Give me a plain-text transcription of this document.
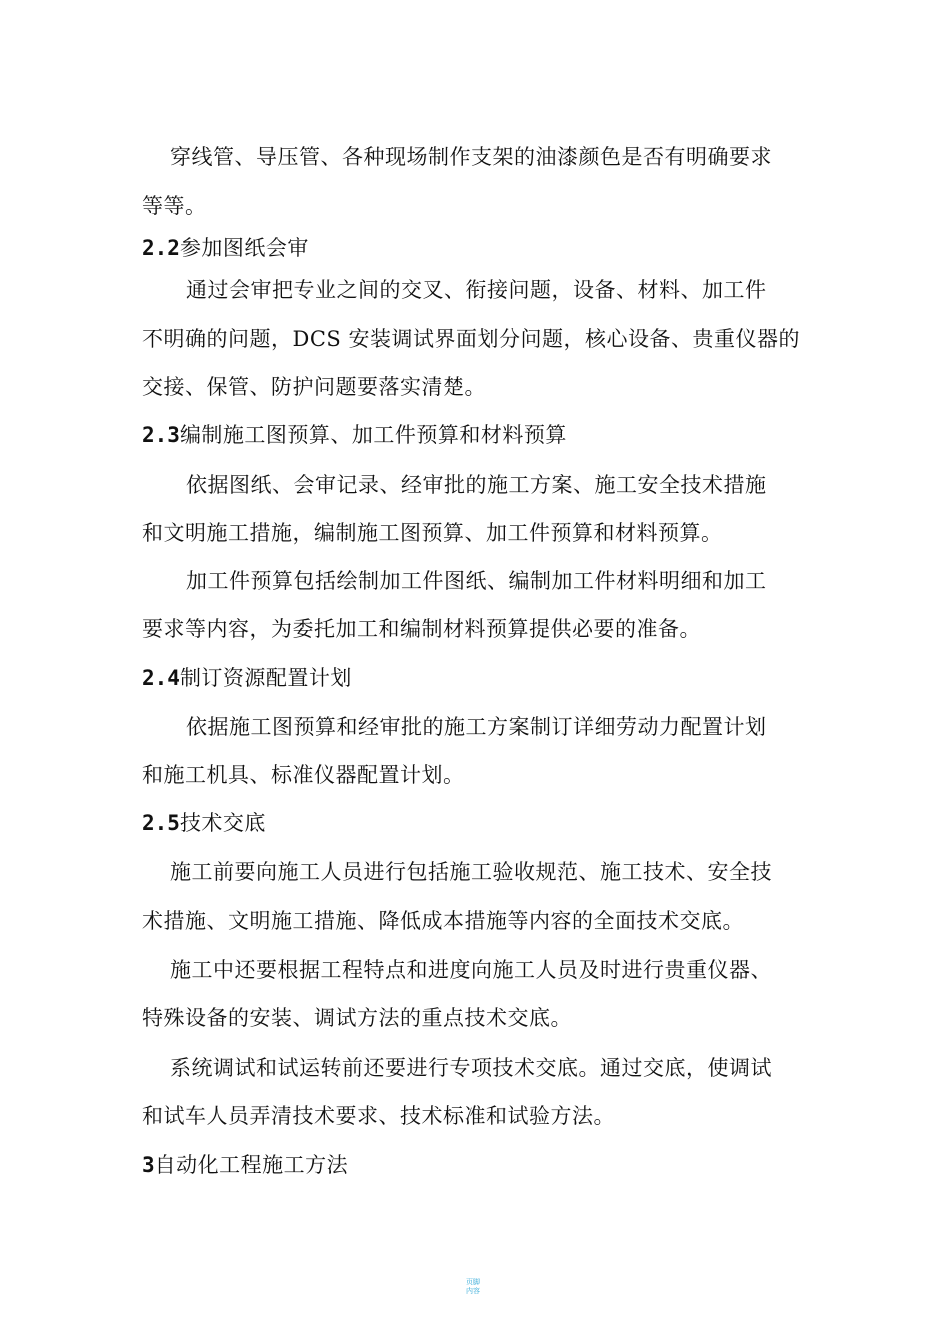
穿线管、导压管、各种现场制作支架的油漆颜色是否有明确要求
等等。
2.2参加图纸会审
通过会审把专业之间的交叉、衔接问题，设备、材料、加工件
不明确的问题，DCS 安装调试界面划分问题，核心设备、贵重仪器的
交接、保管、防护问题要落实清楚。
2.3编制施工图预算、加工件预算和材料预算
依据图纸、会审记录、经审批的施工方案、施工安全技术措施
和文明施工措施，编制施工图预算、加工件预算和材料预算。
加工件预算包括绘制加工件图纸、编制加工件材料明细和加工
要求等内容，为委托加工和编制材料预算提供必要的准备。
2.4制订资源配置计划
依据施工图预算和经审批的施工方案制订详细劳动力配置计划
和施工机具、标准仪器配置计划。
2.5技术交底
施工前要向施工人员进行包括施工验收规范、施工技术、安全技
术措施、文明施工措施、降低成本措施等内容的全面技术交底。
施工中还要根据工程特点和进度向施工人员及时进行贵重仪器、
特殊设备的安装、调试方法的重点技术交底。
系统调试和试运转前还要进行专项技术交底。通过交底，使调试
和试车人员弄清技术要求、技术标准和试验方法。
3自动化工程施工方法
页脚
内容
